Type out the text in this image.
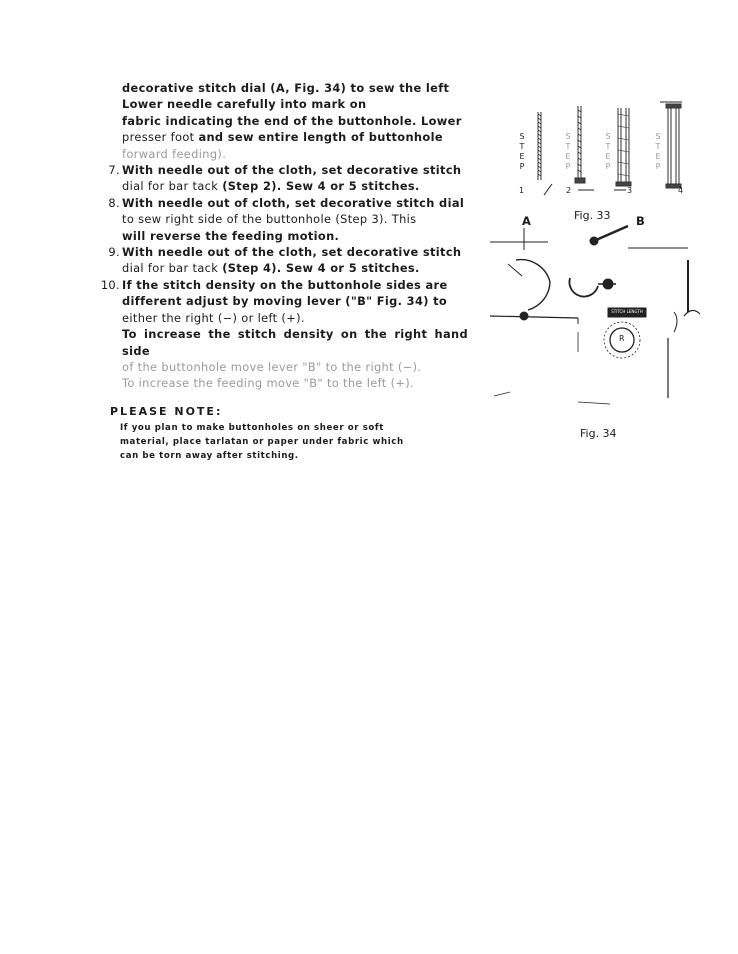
decorative stitch dial (A, Fig. 34) to sew the left
Lower needle carefully into mark on
fabric indicating the end of the buttonhole. Lower
presser foot and sew entire length of buttonhole
forward feeding).
7. With needle out of the cloth, set decorative stitch
dial for bar tack (Step 2). Sew 4 or 5 stitches.
8. With needle out of cloth, set decorative stitch dial
to sew right side of the buttonhole (Step 3). This
will reverse the feeding motion.
9. With needle out of the cloth, set decorative stitch
dial for bar tack (Step 4). Sew 4 or 5 stitches.
10. If the stitch density on the buttonhole sides are
different adjust by moving lever ("B" Fig. 34) to
either the right (−) or left (+).
To increase the stitch density on the right hand side
of the buttonhole move lever "B" to the right (−).
To increase the feeding move "B" to the left (+).
PLEASE NOTE:
If you plan to make buttonholes on sheer or soft
material, place tarlatan or paper under fabric which
can be torn away after stitching.
S
T
E
P
S
T
E
P
S
T
E
P
S
T
E
P
1	2	3	4
Fig. 33
A	B
R
STITCH LENGTH
Fig. 34
